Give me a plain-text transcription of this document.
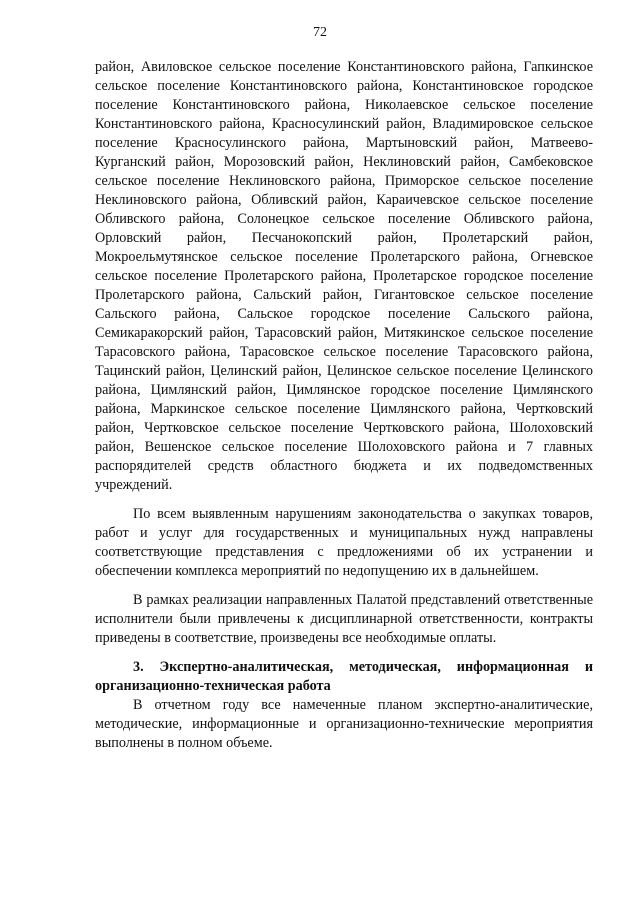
72

район, Авиловское сельское поселение Константиновского района, Гапкинское сельское поселение Константиновского района, Константиновское городское поселение Константиновского района, Николаевское сельское поселение Константиновского района, Красносулинский район, Владимировское сельское поселение Красносулинского района, Мартыновский район, Матвеево-Курганский район, Морозовский район, Неклиновский район, Самбековское сельское поселение Неклиновского района, Приморское сельское поселение Неклиновского района, Обливский район, Караичевское сельское поселение Обливского района, Солонецкое сельское поселение Обливского района, Орловский район, Песчанокопский район, Пролетарский район, Мокроельмутянское сельское поселение Пролетарского района, Огневское сельское поселение Пролетарского района, Пролетарское городское поселение Пролетарского района, Сальский район, Гигантовское сельское поселение Сальского района, Сальское городское поселение Сальского района, Семикаракорский район, Тарасовский район, Митякинское сельское поселение Тарасовского района, Тарасовское сельское поселение Тарасовского района, Тацинский район, Целинский район, Целинское сельское поселение Целинского района, Цимлянский район, Цимлянское городское поселение Цимлянского района, Маркинское сельское поселение Цимлянского района, Чертковский район, Чертковское сельское поселение Чертковского района, Шолоховский район, Вешенское сельское поселение Шолоховского района и 7 главных распорядителей средств областного бюджета и их подведомственных учреждений.

По всем выявленным нарушениям законодательства о закупках товаров, работ и услуг для государственных и муниципальных нужд направлены соответствующие представления с предложениями об их устранении и обеспечении комплекса мероприятий по недопущению их в дальнейшем.

В рамках реализации направленных Палатой представлений ответственные исполнители были привлечены к дисциплинарной ответственности, контракты приведены в соответствие, произведены все необходимые оплаты.

3. Экспертно-аналитическая, методическая, информационная и организационно-техническая работа

В отчетном году все намеченные планом экспертно-аналитические, методические, информационные и организационно-технические мероприятия выполнены в полном объеме.
